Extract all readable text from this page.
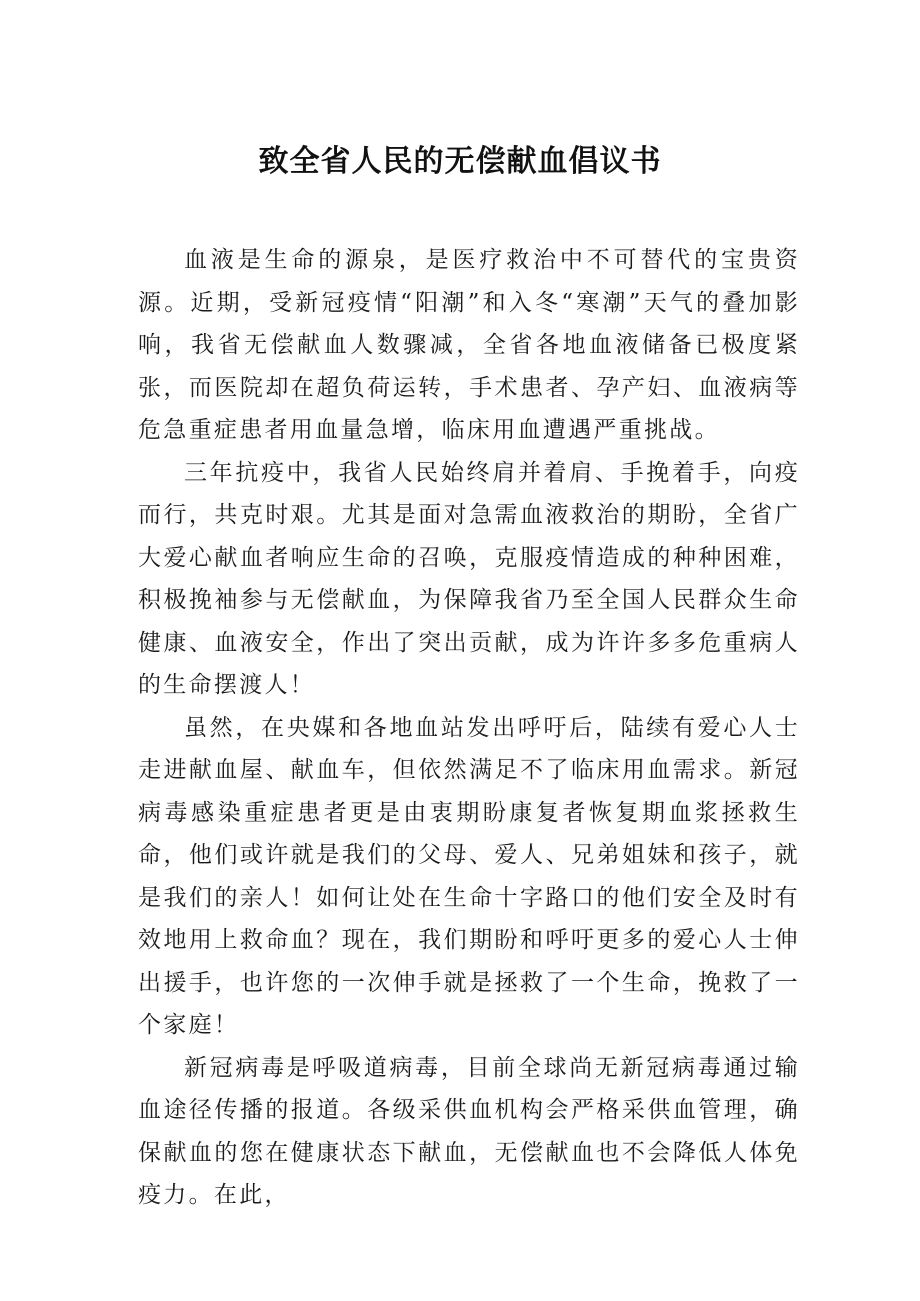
致全省人民的无偿献血倡议书

血液是生命的源泉，是医疗救治中不可替代的宝贵资源。近期，受新冠疫情“阳潮”和入冬“寒潮”天气的叠加影响，我省无偿献血人数骤减，全省各地血液储备已极度紧张，而医院却在超负荷运转，手术患者、孕产妇、血液病等危急重症患者用血量急增，临床用血遭遇严重挑战。

三年抗疫中，我省人民始终肩并着肩、手挽着手，向疫而行，共克时艰。尤其是面对急需血液救治的期盼，全省广大爱心献血者响应生命的召唤，克服疫情造成的种种困难，积极挽袖参与无偿献血，为保障我省乃至全国人民群众生命健康、血液安全，作出了突出贡献，成为许许多多危重病人的生命摆渡人！

虽然，在央媒和各地血站发出呼吁后，陆续有爱心人士走进献血屋、献血车，但依然满足不了临床用血需求。新冠病毒感染重症患者更是由衷期盼康复者恢复期血浆拯救生命，他们或许就是我们的父母、爱人、兄弟姐妹和孩子，就是我们的亲人！如何让处在生命十字路口的他们安全及时有效地用上救命血？现在，我们期盼和呼吁更多的爱心人士伸出援手，也许您的一次伸手就是拯救了一个生命，挽救了一个家庭！

新冠病毒是呼吸道病毒，目前全球尚无新冠病毒通过输血途径传播的报道。各级采供血机构会严格采供血管理，确保献血的您在健康状态下献血，无偿献血也不会降低人体免疫力。在此，
